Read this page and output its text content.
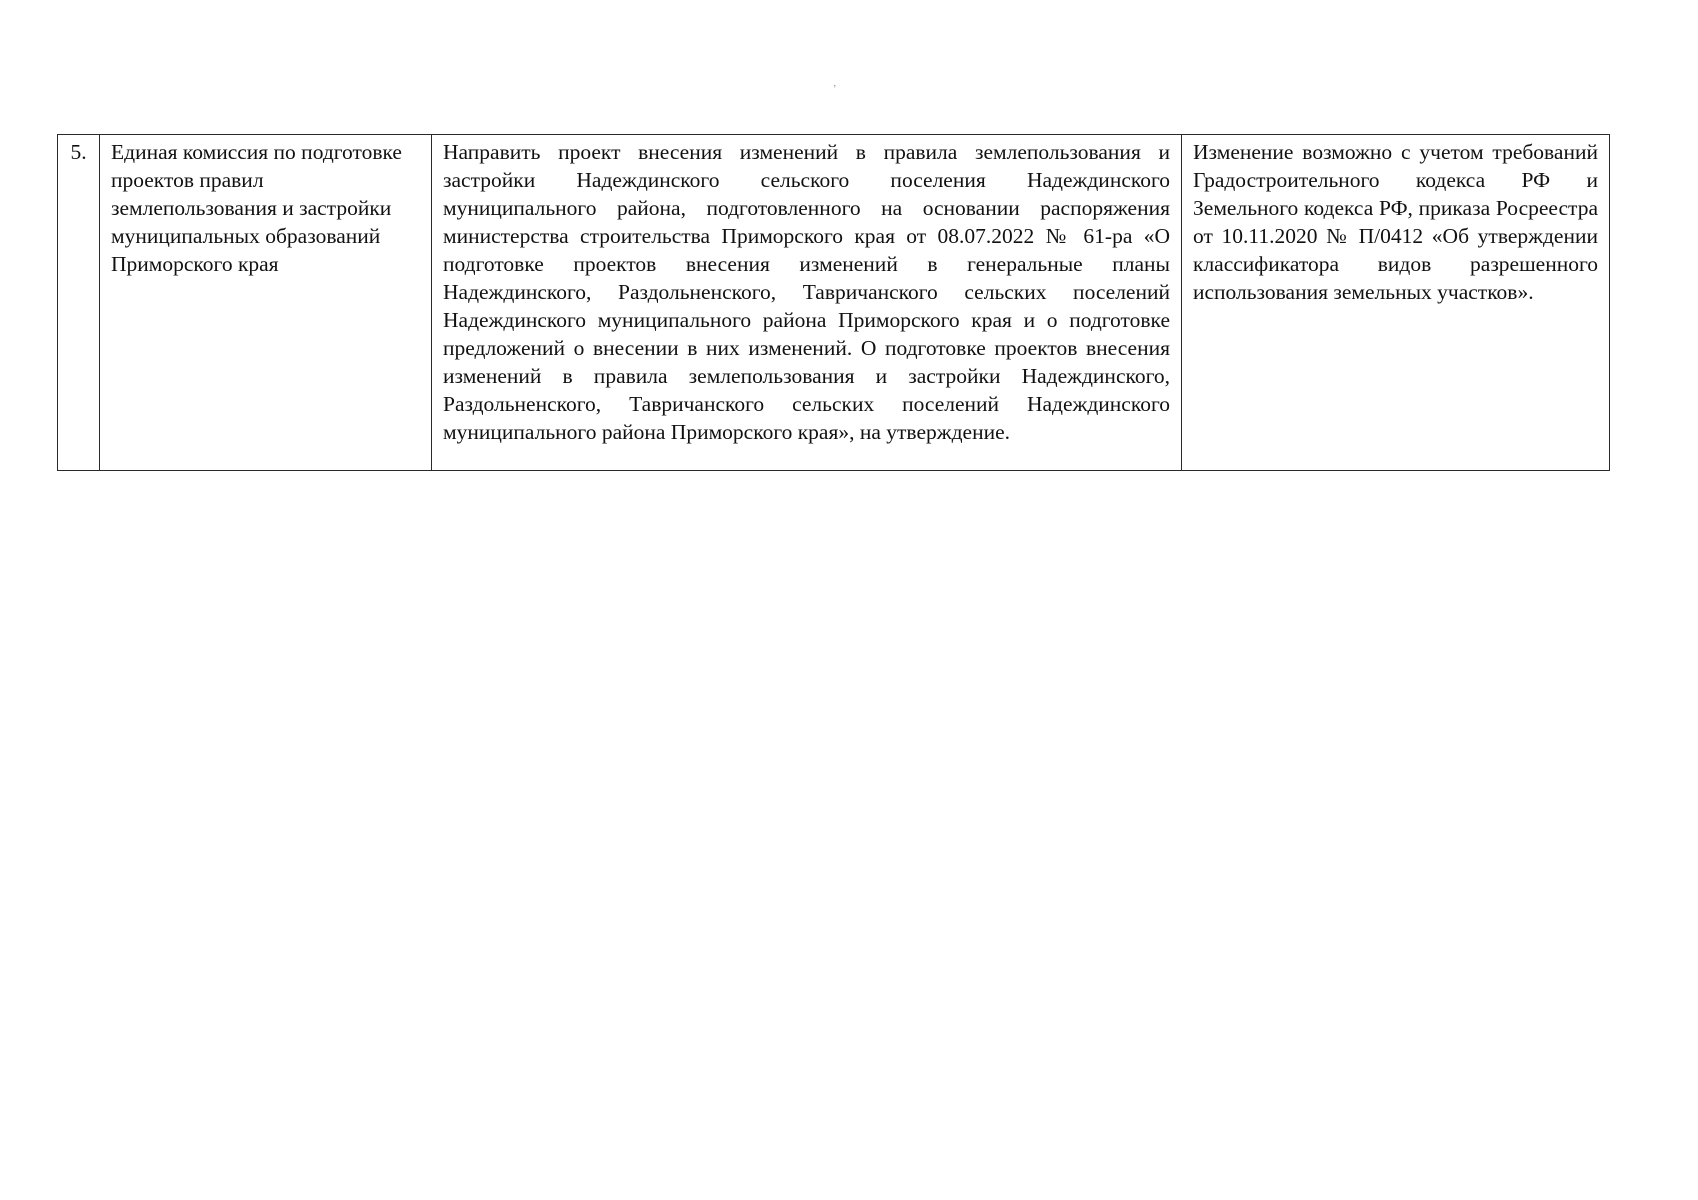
’
5.	Единая комиссия по подготовке проектов правил землепользования и застройки муниципальных образований Приморского края	Направить проект внесения изменений в правила землепользования и застройки Надеждинского сельского поселения Надеждинского муниципального района, подготовленного на основании распоряжения министерства строительства Приморского края от 08.07.2022 № 61-ра «О подготовке проектов внесения изменений в генеральные планы Надеждинского, Раздольненского, Тавричанского сельских поселений Надеждинского муниципального района Приморского края и о подготовке предложений о внесении в них изменений. О подготовке проектов внесения изменений в правила землепользования и застройки Надеждинского, Раздольненского, Тавричанского сельских поселений Надеждинского муниципального района Приморского края», на утверждение.	Изменение возможно с учетом требований Градостроительного кодекса РФ и Земельного кодекса РФ, приказа Росреестра от 10.11.2020 № П/0412 «Об утверждении классификатора видов разрешенного использования земельных участков».
